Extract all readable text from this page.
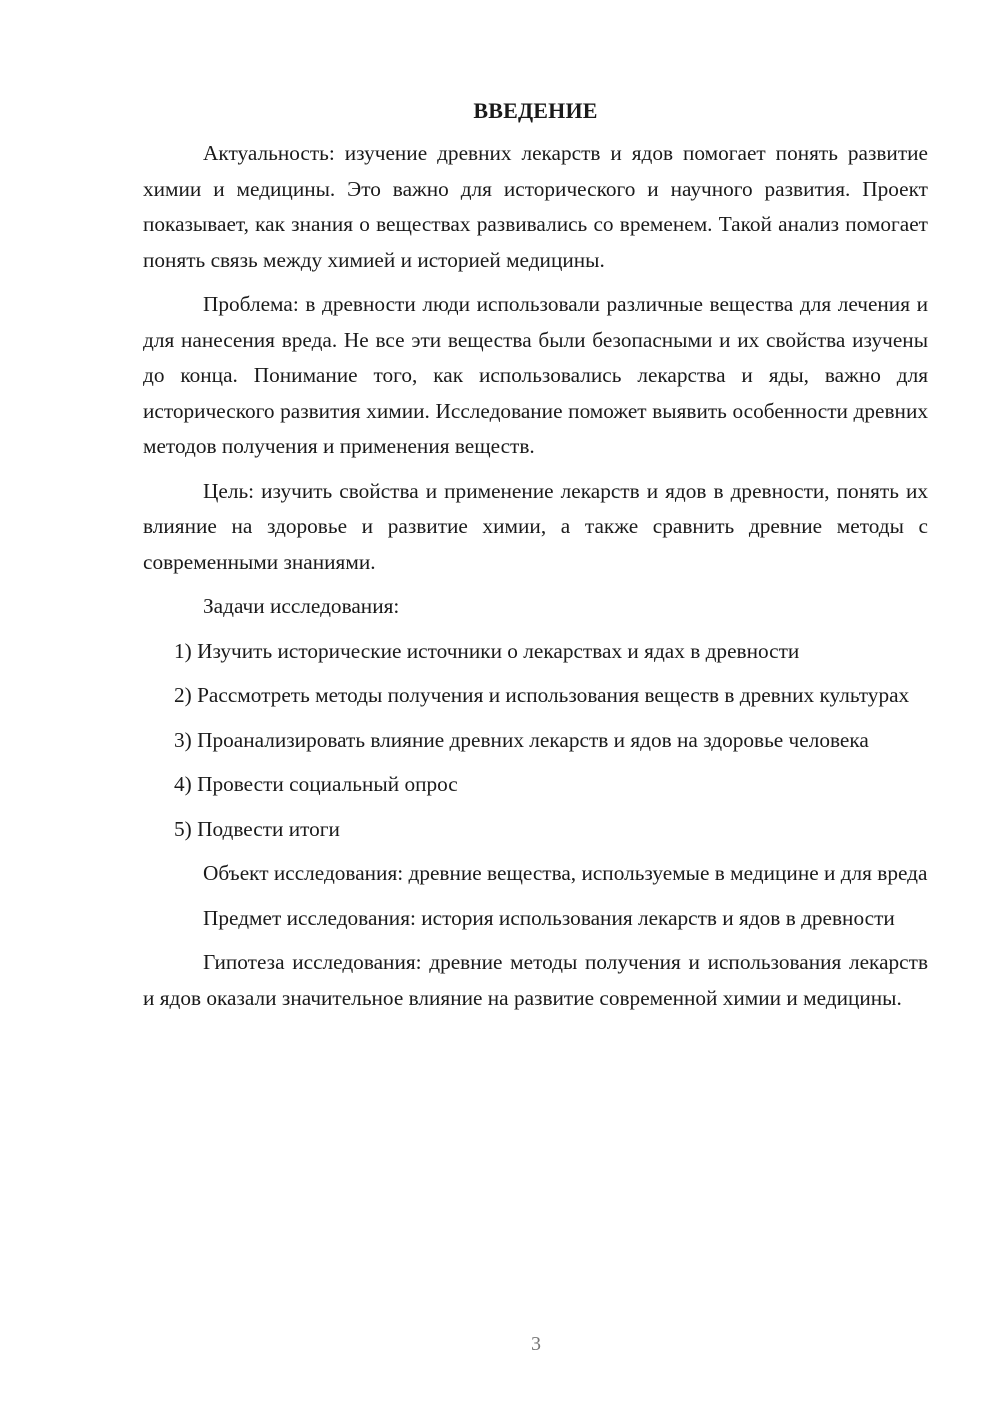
ВВЕДЕНИЕ

Актуальность: изучение древних лекарств и ядов помогает понять развитие химии и медицины. Это важно для исторического и научного развития. Проект показывает, как знания о веществах развивались со временем. Такой анализ помогает понять связь между химией и историей медицины.

Проблема: в древности люди использовали различные вещества для лечения и для нанесения вреда. Не все эти вещества были безопасными и их свойства изучены до конца. Понимание того, как использовались лекарства и яды, важно для исторического развития химии. Исследование поможет выявить особенности древних методов получения и применения веществ.

Цель: изучить свойства и применение лекарств и ядов в древности, понять их влияние на здоровье и развитие химии, а также сравнить древние методы с современными знаниями.

Задачи исследования:

1) Изучить исторические источники о лекарствах и ядах в древности

2) Рассмотреть методы получения и использования веществ в древних культурах

3) Проанализировать влияние древних лекарств и ядов на здоровье человека

4) Провести социальный опрос

5) Подвести итоги

Объект исследования: древние вещества, используемые в медицине и для вреда

Предмет исследования: история использования лекарств и ядов в древности

Гипотеза исследования: древние методы получения и использования лекарств и ядов оказали значительное влияние на развитие современной химии и медицины.

3
